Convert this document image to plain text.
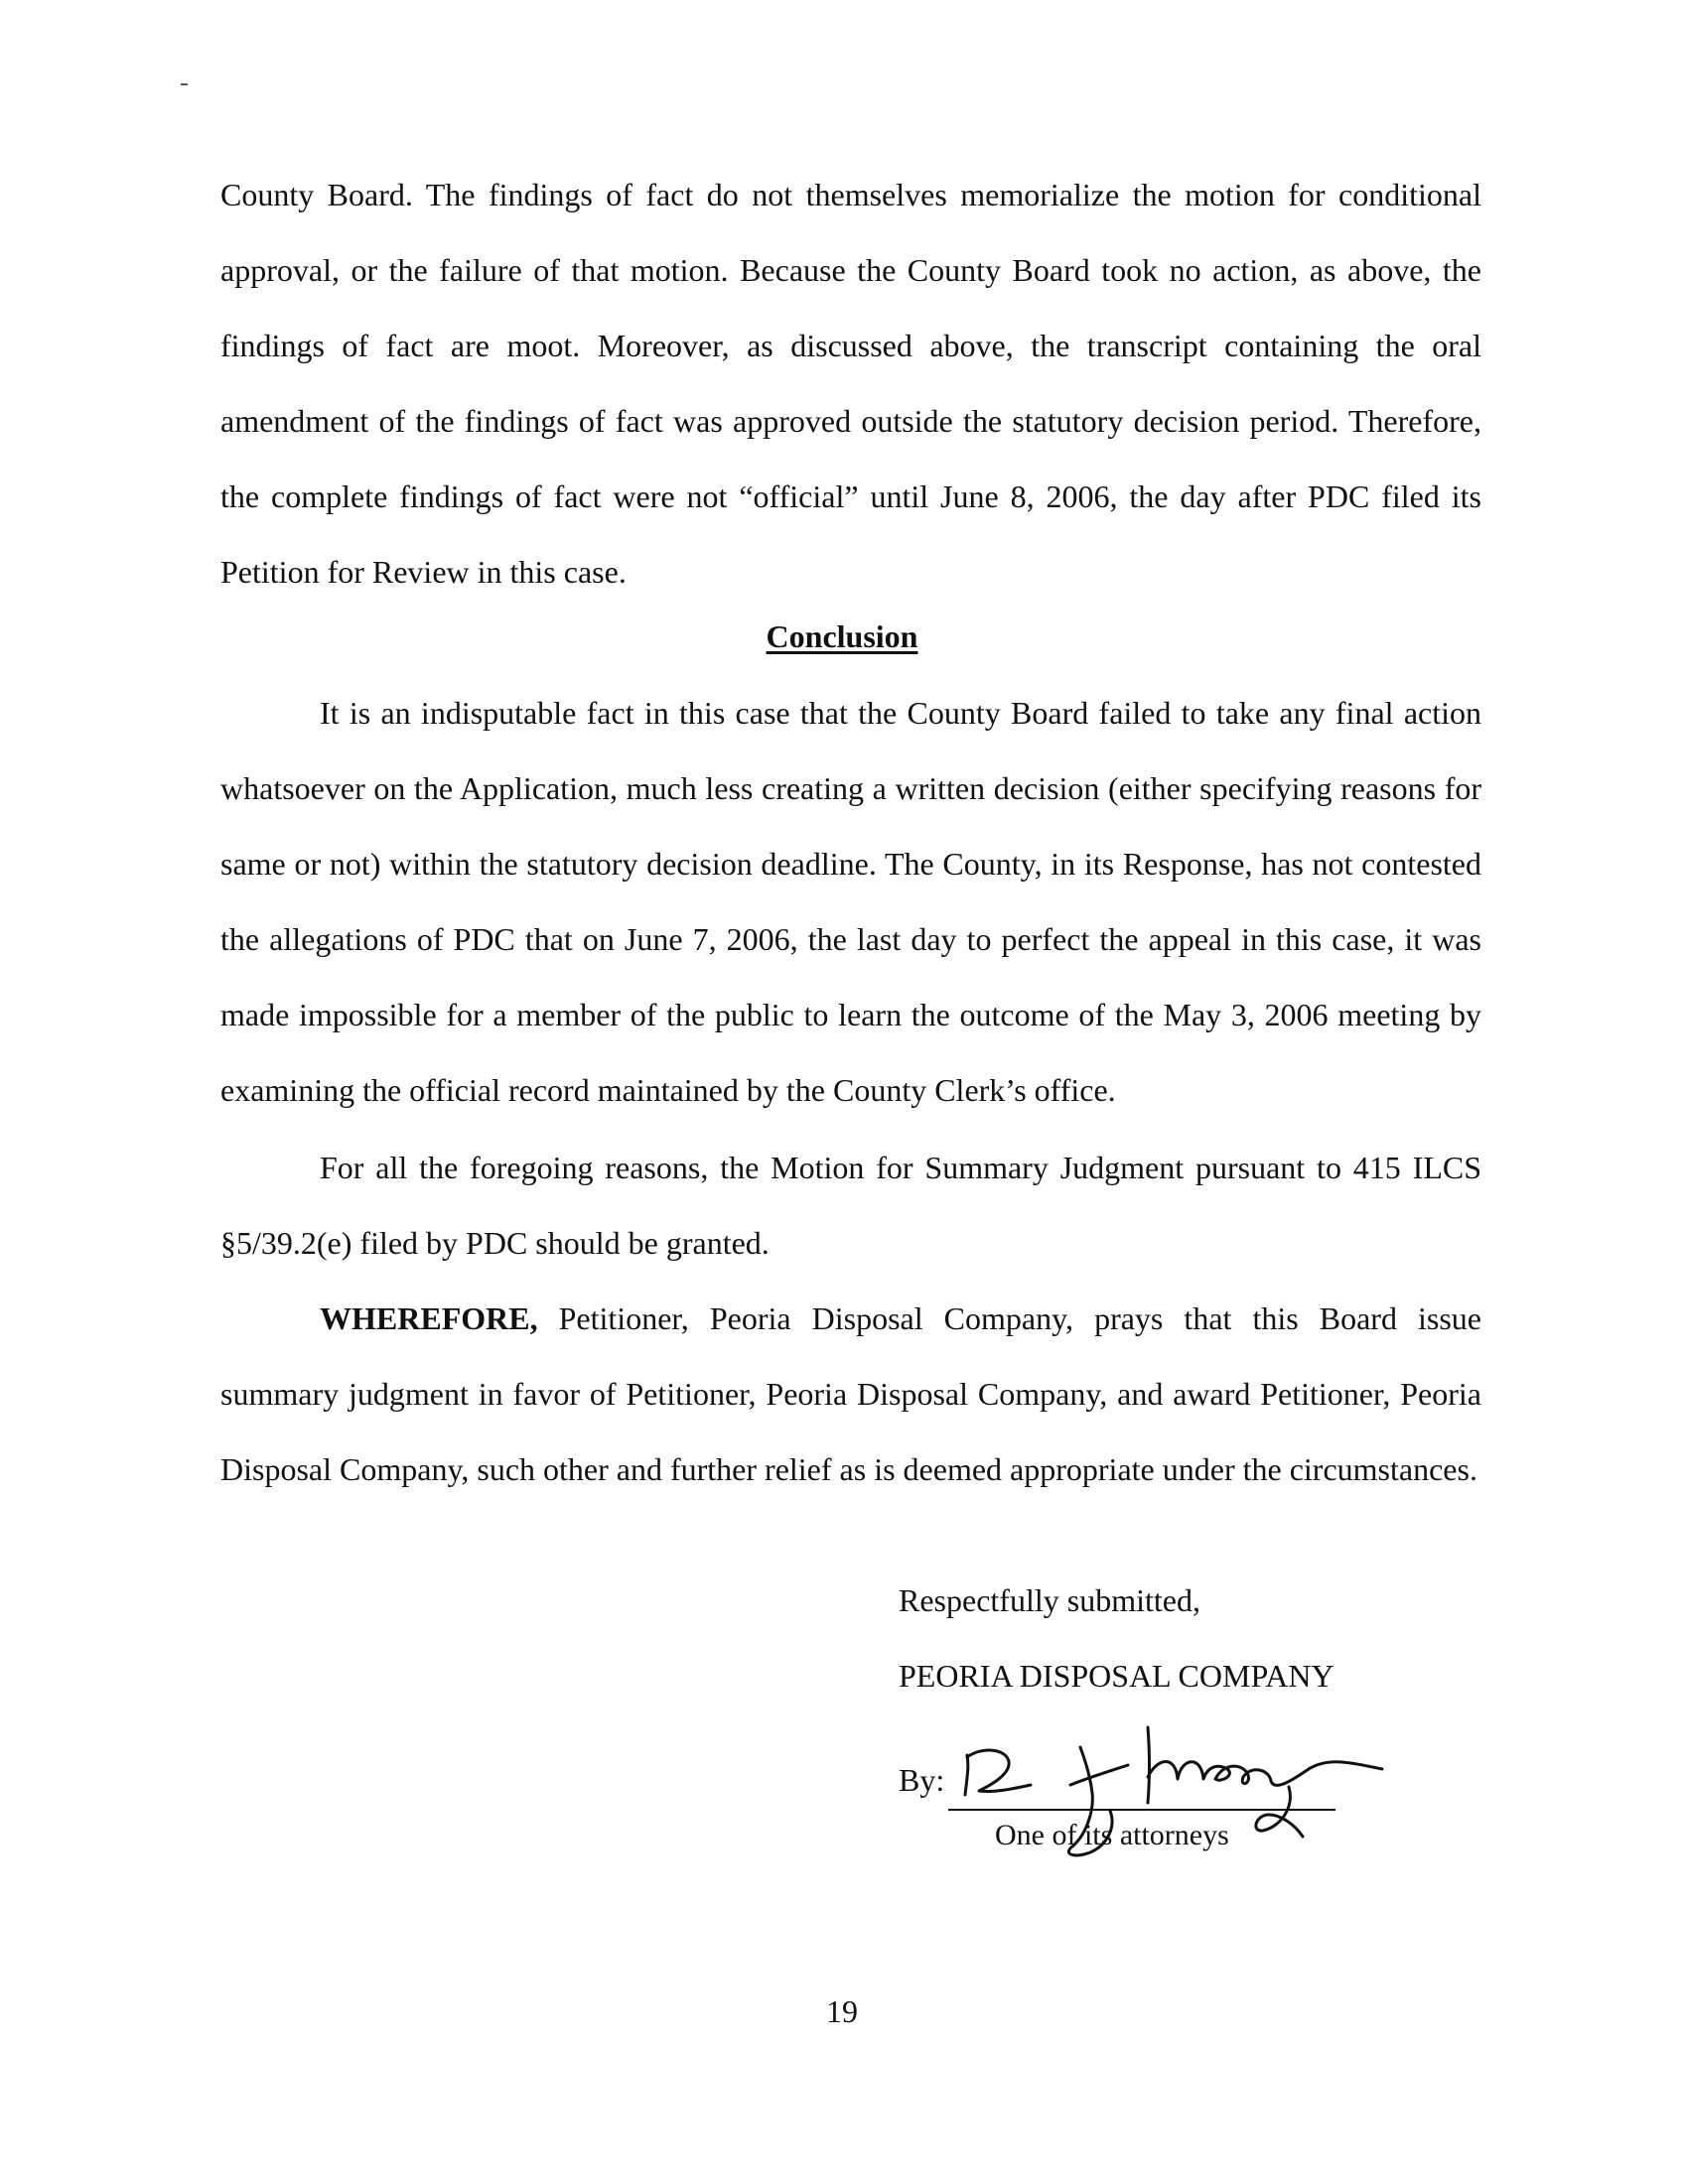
County Board. The findings of fact do not themselves memorialize the motion for conditional approval, or the failure of that motion. Because the County Board took no action, as above, the findings of fact are moot. Moreover, as discussed above, the transcript containing the oral amendment of the findings of fact was approved outside the statutory decision period. Therefore, the complete findings of fact were not “official” until June 8, 2006, the day after PDC filed its Petition for Review in this case.

Conclusion

It is an indisputable fact in this case that the County Board failed to take any final action whatsoever on the Application, much less creating a written decision (either specifying reasons for same or not) within the statutory decision deadline. The County, in its Response, has not contested the allegations of PDC that on June 7, 2006, the last day to perfect the appeal in this case, it was made impossible for a member of the public to learn the outcome of the May 3, 2006 meeting by examining the official record maintained by the County Clerk’s office.

For all the foregoing reasons, the Motion for Summary Judgment pursuant to 415 ILCS §5/39.2(e) filed by PDC should be granted.

WHEREFORE, Petitioner, Peoria Disposal Company, prays that this Board issue summary judgment in favor of Petitioner, Peoria Disposal Company, and award Petitioner, Peoria Disposal Company, such other and further relief as is deemed appropriate under the circumstances.

Respectfully submitted,
PEORIA DISPOSAL COMPANY
By:
One of its attorneys
19
